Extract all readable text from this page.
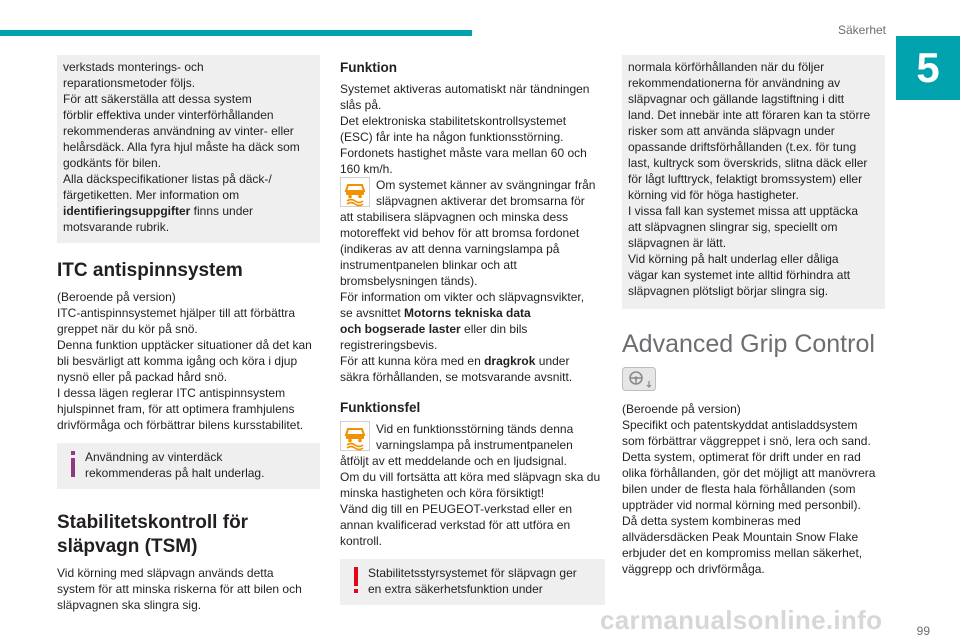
Säkerhet
5
verkstads monterings- och
reparationsmetoder följs.
För att säkerställa att dessa system
förblir effektiva under vinterförhållanden
rekommenderas användning av vinter- eller
helårsdäck. Alla fyra hjul måste ha däck som
godkänts för bilen.
Alla däckspecifikationer listas på däck-/
färgetiketten. Mer information om
identifieringsuppgifter finns under
motsvarande rubrik.
ITC antispinnsystem
(Beroende på version)
ITC-antispinnsystemet hjälper till att förbättra
greppet när du kör på snö.
Denna funktion upptäcker situationer då det kan
bli besvärligt att komma igång och köra i djup
nysnö eller på packad hård snö.
I dessa lägen reglerar ITC antispinnsystem
hjulspinnet fram, för att optimera framhjulens
drivförmåga och förbättrar bilens kursstabilitet.
Användning av vinterdäck
rekommenderas på halt underlag.
Stabilitetskontroll för
släpvagn (TSM)
Vid körning med släpvagn används detta
system för att minska riskerna för att bilen och
släpvagnen ska slingra sig.
Funktion
Systemet aktiveras automatiskt när tändningen
slås på.
Det elektroniska stabilitetskontrollsystemet
(ESC) får inte ha någon funktionsstörning.
Fordonets hastighet måste vara mellan 60 och
160 km/h.
Om systemet känner av svängningar från
släpvagnen aktiverar det bromsarna för
att stabilisera släpvagnen och minska dess
motoreffekt vid behov för att bromsa fordonet
(indikeras av att denna varningslampa på
instrumentpanelen blinkar och att
bromsbelysningen tänds).
För information om vikter och släpvagnsvikter,
se avsnittet Motorns tekniska data
och bogserade laster eller din bils
registreringsbevis.
För att kunna köra med en dragkrok under
säkra förhållanden, se motsvarande avsnitt.
Funktionsfel
Vid en funktionsstörning tänds denna
varningslampa på instrumentpanelen
åtföljt av ett meddelande och en ljudsignal.
Om du vill fortsätta att köra med släpvagn ska du
minska hastigheten och köra försiktigt!
Vänd dig till en PEUGEOT-verkstad eller en
annan kvalificerad verkstad för att utföra en
kontroll.
Stabilitetsstyrsystemet för släpvagn ger
en extra säkerhetsfunktion under
normala körförhållanden när du följer
rekommendationerna för användning av
släpvagnar och gällande lagstiftning i ditt
land. Det innebär inte att föraren kan ta större
risker som att använda släpvagn under
opassande driftsförhållanden (t.ex. för tung
last, kultryck som överskrids, slitna däck eller
för lågt lufttryck, felaktigt bromssystem) eller
körning vid för höga hastigheter.
I vissa fall kan systemet missa att upptäcka
att släpvagnen slingrar sig, speciellt om
släpvagnen är lätt.
Vid körning på halt underlag eller dåliga
vägar kan systemet inte alltid förhindra att
släpvagnen plötsligt börjar slingra sig.
Advanced Grip Control
(Beroende på version)
Specifikt och patentskyddat antisladdsystem
som förbättrar väggreppet i snö, lera och sand.
Detta system, optimerat för drift under en rad
olika förhållanden, gör det möjligt att manövrera
bilen under de flesta hala förhållanden (som
uppträder vid normal körning med personbil).
Då detta system kombineras med
allvädersdäcken Peak Mountain Snow Flake
erbjuder det en kompromiss mellan säkerhet,
väggrepp och drivförmåga.
carmanualsonline.info	99
